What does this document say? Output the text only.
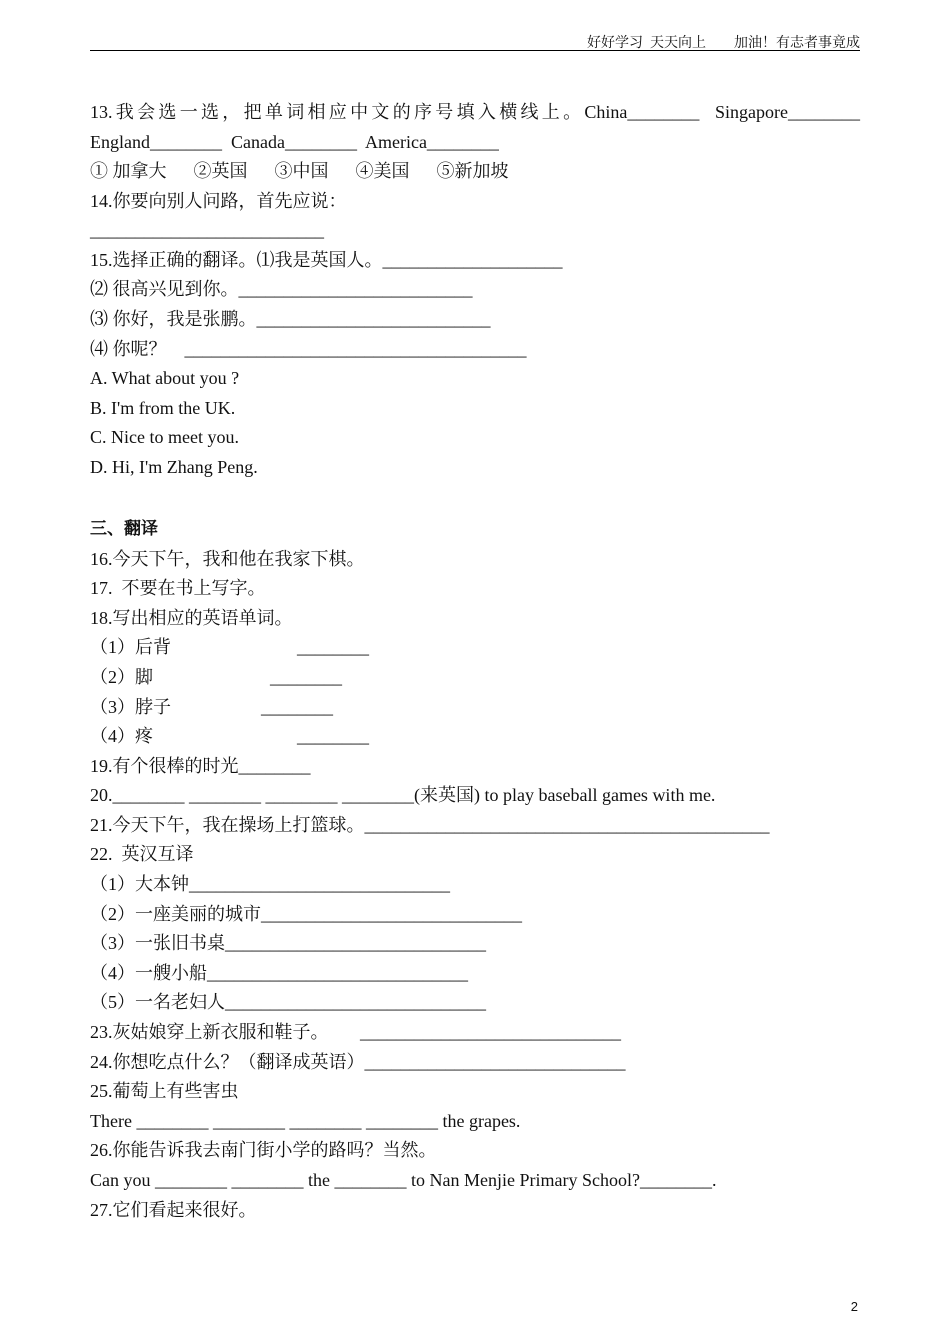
好好学习  天天向上        加油！有志者事竟成
13.我会选一选，把单词相应中文的序号填入横线上。China________  Singapore________  England________  Canada________  America________
① 加拿大      ②英国      ③中国      ④美国      ⑤新加坡
14.你要向别人问路，首先应说：
__________________________
15.选择正确的翻译。⑴我是英国人。____________________
⑵ 很高兴见到你。__________________________
⑶ 你好，我是张鹏。__________________________
⑷ 你呢？    ______________________________________
A. What about you ?
B. I'm from the UK.
C. Nice to meet you.
D. Hi, I'm Zhang Peng.
三、翻译
16.今天下午，我和他在我家下棋。
17.  不要在书上写字。
18.写出相应的英语单词。
（1）后背                            ________
（2）脚                          ________
（3）脖子                    ________
（4）疼                                ________
19.有个很棒的时光________
20.________ ________ ________ ________(来英国) to play baseball games with me.
21.今天下午，我在操场上打篮球。_____________________________________________
22.  英汉互译
（1）大本钟_____________________________
（2）一座美丽的城市_____________________________
（3）一张旧书桌_____________________________
（4）一艘小船_____________________________
（5）一名老妇人_____________________________
23.灰姑娘穿上新衣服和鞋子。       _____________________________
24.你想吃点什么？（翻译成英语）_____________________________
25.葡萄上有些害虫
There ________ ________ ________ ________ the grapes.
26.你能告诉我去南门街小学的路吗？当然。
Can you ________ ________ the ________ to Nan Menjie Primary School?________.
27.它们看起来很好。
2
